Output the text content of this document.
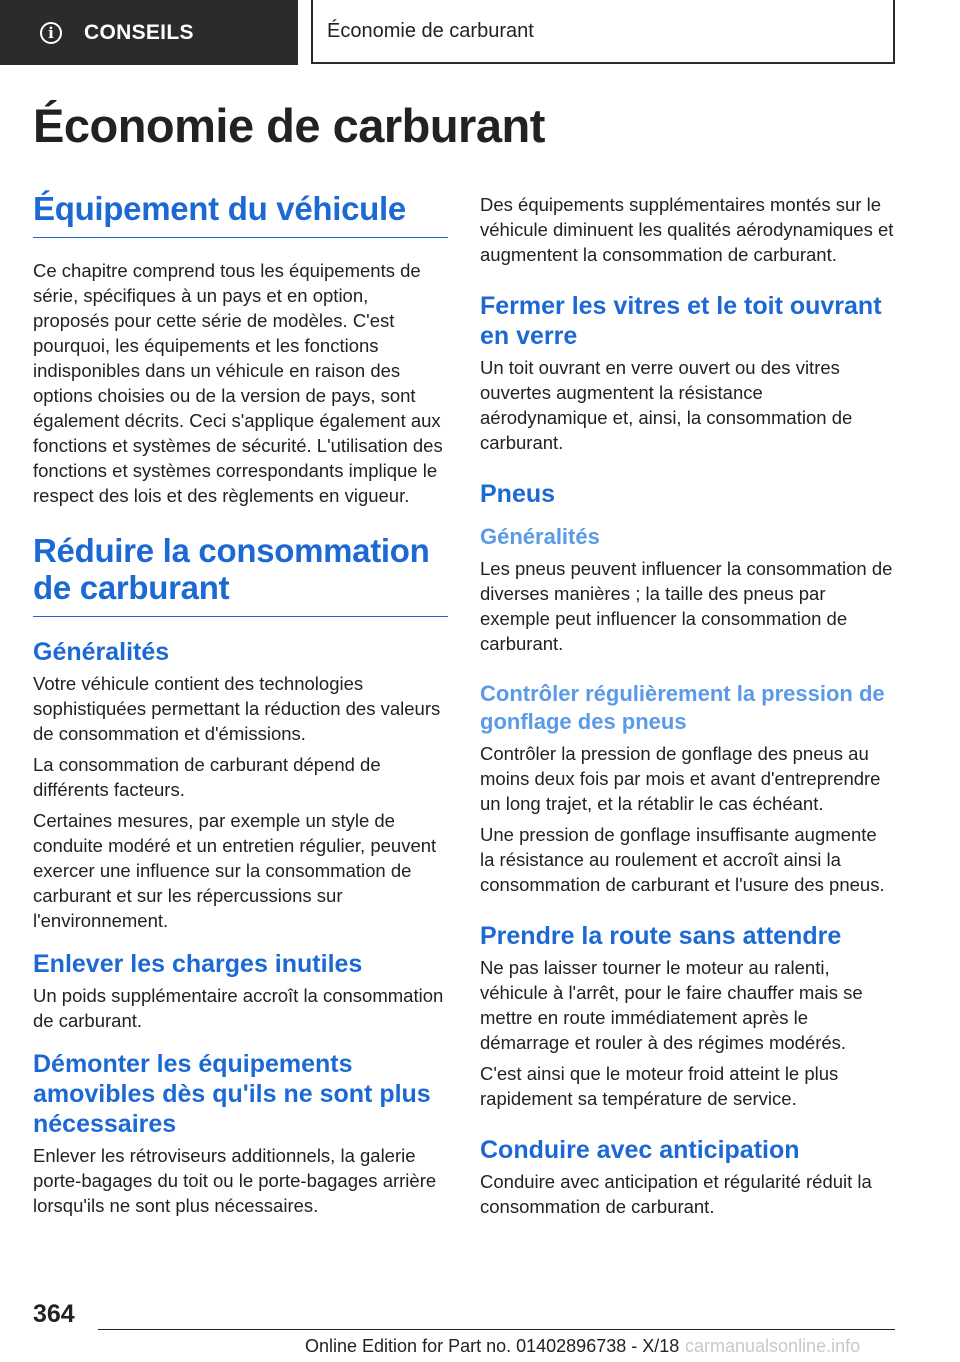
i	CONSEILS	Économie de carburant
Économie de carburant
Équipement du véhicule

Ce chapitre comprend tous les équipements de série, spécifiques à un pays et en option, proposés pour cette série de modèles. C'est pourquoi, les équipements et les fonctions indisponibles dans un véhicule en raison des options choisies ou de la version de pays, sont également décrits. Ceci s'applique également aux fonctions et systèmes de sécurité. L'utilisation des fonctions et systèmes correspondants implique le respect des lois et des règlements en vigueur.

Réduire la consommation de carburant
Généralités

Votre véhicule contient des technologies sophistiquées permettant la réduction des valeurs de consommation et d'émissions.

La consommation de carburant dépend de différents facteurs.

Certaines mesures, par exemple un style de conduite modéré et un entretien régulier, peuvent exercer une influence sur la consommation de carburant et sur les répercussions sur l'environnement.

Enlever les charges inutiles

Un poids supplémentaire accroît la consommation de carburant.

Démonter les équipements amovibles dès qu'ils ne sont plus nécessaires

Enlever les rétroviseurs additionnels, la galerie porte-bagages du toit ou le porte-bagages arrière lorsqu'ils ne sont plus nécessaires.

Des équipements supplémentaires montés sur le véhicule diminuent les qualités aérodynamiques et augmentent la consommation de carburant.

Fermer les vitres et le toit ouvrant en verre

Un toit ouvrant en verre ouvert ou des vitres ouvertes augmentent la résistance aérodynamique et, ainsi, la consommation de carburant.

Pneus
Généralités

Les pneus peuvent influencer la consommation de diverses manières ; la taille des pneus par exemple peut influencer la consommation de carburant.

Contrôler régulièrement la pression de gonflage des pneus

Contrôler la pression de gonflage des pneus au moins deux fois par mois et avant d'entreprendre un long trajet, et la rétablir le cas échéant.

Une pression de gonflage insuffisante augmente la résistance au roulement et accroît ainsi la consommation de carburant et l'usure des pneus.

Prendre la route sans attendre

Ne pas laisser tourner le moteur au ralenti, véhicule à l'arrêt, pour le faire chauffer mais se mettre en route immédiatement après le démarrage et rouler à des régimes modérés.

C'est ainsi que le moteur froid atteint le plus rapidement sa température de service.

Conduire avec anticipation

Conduire avec anticipation et régularité réduit la consommation de carburant.

364
Online Edition for Part no. 01402896738 - X/18 carmanualsonline.info
